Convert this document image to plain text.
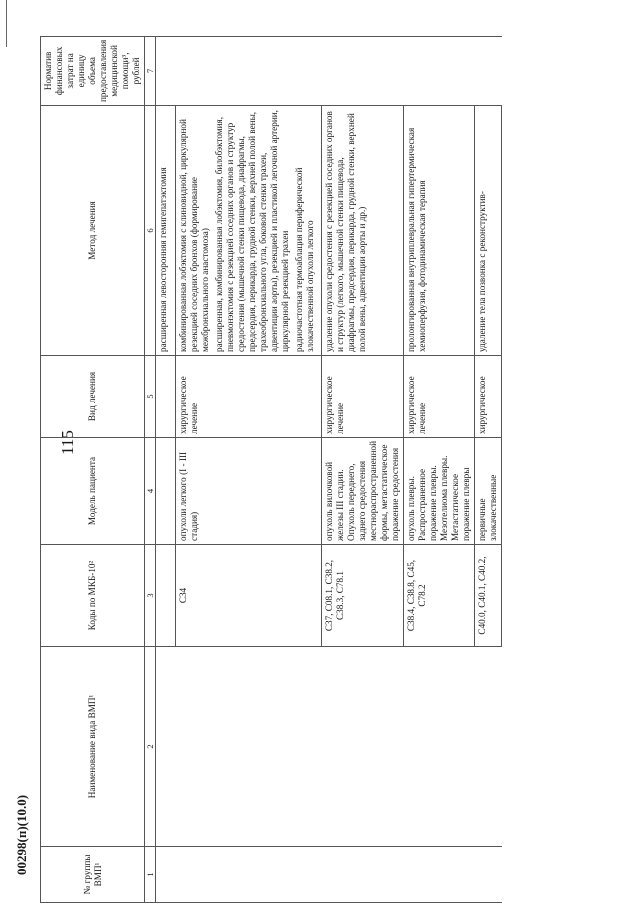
00298(п)(10.0)
115
№ группы ВМП¹	Наименование вида ВМП¹	Коды по МКБ-10²	Модель пациента	Вид лечения	Метод лечения	Норматив финансовых затрат на единицу объема предоставления медицинской помощи³, рублей
1	2	3	4	5	6	7

					расширенная левосторонняя гемигепатэктомия	

		C34	опухоли легкого (I - III стадия)	хирургическое лечение	комбинированная лобэктомия с клиновидной, циркулярной резекцией соседних бронхов (формирование межбронхиального анастомоза) расширенная, комбинированная лобэктомия, билобэктомия, пневмонэктомия с резекцией соседних органов и структур средостения (мышечной стенки пищевода, диафрагмы, предсердия, перикарда, грудной стенки, верхней полой вены, трахеобронхиального угла, боковой стенки трахеи, адвентиции аорты), резекцией и пластикой легочной артерии, циркулярной резекцией трахеи радиочастотная термоаблация периферической злокачественной опухоли легкого	

		C37, C08.1, C38.2, C38.3, C78.1	опухоль вилочковой железы III стадии. Опухоль переднего, заднего средостения местнораспространенной формы, метастатическое поражение средостения	хирургическое лечение	удаление опухоли средостения с резекцией соседних органов и структур (легкого, мышечной стенки пищевода, диафрагмы, предсердия, перикарда, грудной стенки, верхней полой вены, адвентиции аорты и др.)	

		C38.4, C38.8, C45, C78.2	опухоль плевры. Распространенное поражение плевры. Мезотелиома плевры. Метастатическое поражение плевры	хирургическое лечение	пролонгированная внутриплевральная гипертермическая хемиоперфузия, фотодинамическая терапия	

		C40.0, C40.1, C40.2,	первичные злокачественные	хирургическое	удаление тела позвонка с реконструктив-	
